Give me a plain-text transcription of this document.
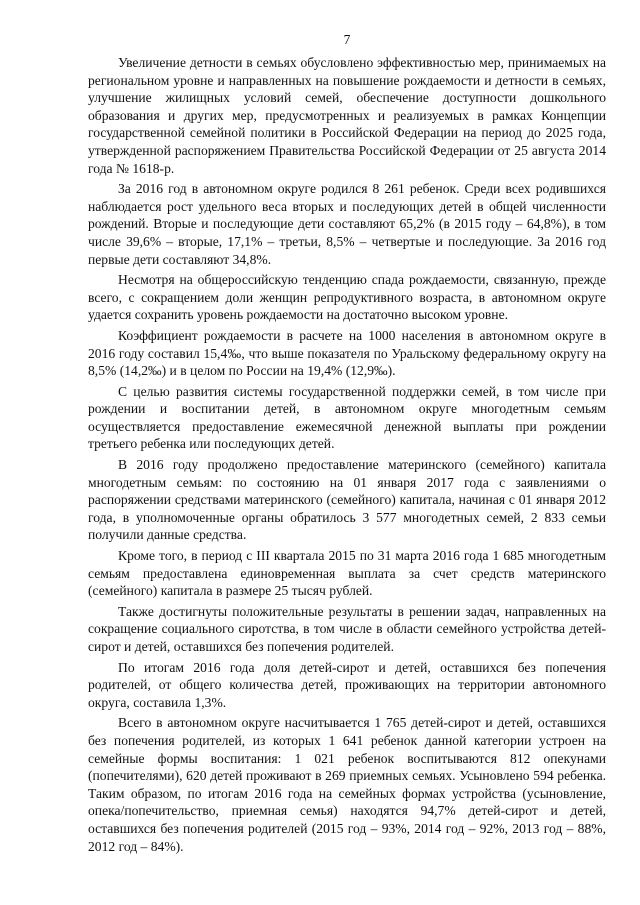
7

Увеличение детности в семьях обусловлено эффективностью мер, принимаемых на региональном уровне и направленных на повышение рождаемости и детности в семьях, улучшение жилищных условий семей, обеспечение доступности дошкольного образования и других мер, предусмотренных и реализуемых в рамках Концепции государственной семейной политики в Российской Федерации на период до 2025 года, утвержденной распоряжением Правительства Российской Федерации от 25 августа 2014 года № 1618-р.

За 2016 год в автономном округе родился 8 261 ребенок. Среди всех родившихся наблюдается рост удельного веса вторых и последующих детей в общей численности рождений. Вторые и последующие дети составляют 65,2% (в 2015 году – 64,8%), в том числе 39,6% – вторые, 17,1% – третьи, 8,5% – четвертые и последующие. За 2016 год первые дети составляют 34,8%.

Несмотря на общероссийскую тенденцию спада рождаемости, связанную, прежде всего, с сокращением доли женщин репродуктивного возраста, в автономном округе удается сохранить уровень рождаемости на достаточно высоком уровне.

Коэффициент рождаемости в расчете на 1000 населения в автономном округе в 2016 году составил 15,4‰, что выше показателя по Уральскому федеральному округу на 8,5% (14,2‰) и в целом по России на 19,4% (12,9‰).

С целью развития системы государственной поддержки семей, в том числе при рождении и воспитании детей, в автономном округе многодетным семьям осуществляется предоставление ежемесячной денежной выплаты при рождении третьего ребенка или последующих детей.

В 2016 году продолжено предоставление материнского (семейного) капитала многодетным семьям: по состоянию на 01 января 2017 года с заявлениями о распоряжении средствами материнского (семейного) капитала, начиная с 01 января 2012 года, в уполномоченные органы обратилось 3 577 многодетных семей, 2 833 семьи получили данные средства.

Кроме того, в период с III квартала 2015 по 31 марта 2016 года 1 685 многодетным семьям предоставлена единовременная выплата за счет средств материнского (семейного) капитала в размере 25 тысяч рублей.

Также достигнуты положительные результаты в решении задач, направленных на сокращение социального сиротства, в том числе в области семейного устройства детей-сирот и детей, оставшихся без попечения родителей.

По итогам 2016 года доля детей-сирот и детей, оставшихся без попечения родителей, от общего количества детей, проживающих на территории автономного округа, составила 1,3%.

Всего в автономном округе насчитывается 1 765 детей-сирот и детей, оставшихся без попечения родителей, из которых 1 641 ребенок данной категории устроен на семейные формы воспитания: 1 021 ребенок воспитываются 812 опекунами (попечителями), 620 детей проживают в 269 приемных семьях. Усыновлено 594 ребенка. Таким образом, по итогам 2016 года на семейных формах устройства (усыновление, опека/попечительство, приемная семья) находятся 94,7% детей-сирот и детей, оставшихся без попечения родителей (2015 год – 93%, 2014 год – 92%, 2013 год – 88%, 2012 год – 84%).
